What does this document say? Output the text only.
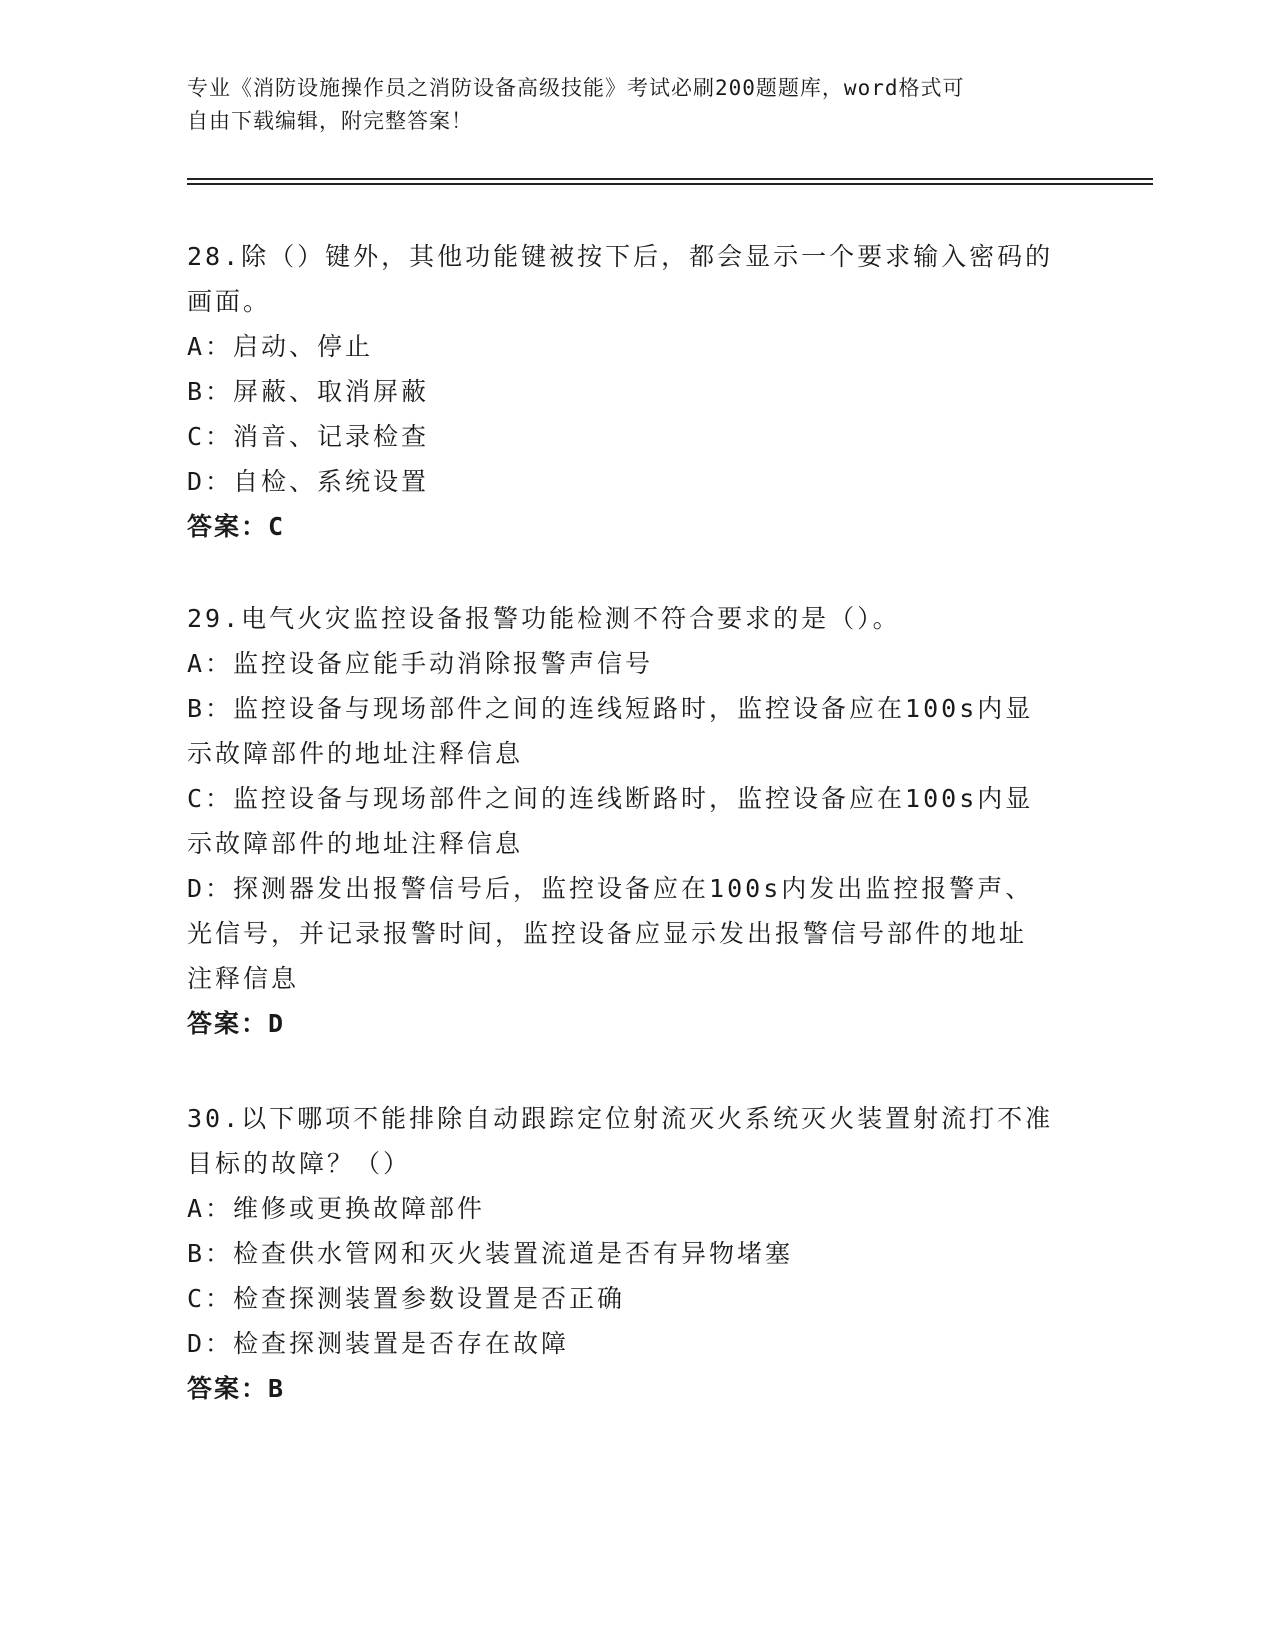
专业《消防设施操作员之消防设备高级技能》考试必刷200题题库，word格式可
自由下载编辑，附完整答案！

28.除（）键外，其他功能键被按下后，都会显示一个要求输入密码的

画面。

A：启动、停止

B：屏蔽、取消屏蔽

C：消音、记录检查

D：自检、系统设置

答案：C

29.电气火灾监控设备报警功能检测不符合要求的是（）。

A：监控设备应能手动消除报警声信号

B：监控设备与现场部件之间的连线短路时，监控设备应在100s内显

示故障部件的地址注释信息

C：监控设备与现场部件之间的连线断路时，监控设备应在100s内显

示故障部件的地址注释信息

D：探测器发出报警信号后，监控设备应在100s内发出监控报警声、

光信号，并记录报警时间，监控设备应显示发出报警信号部件的地址

注释信息

答案：D

30.以下哪项不能排除自动跟踪定位射流灭火系统灭火装置射流打不准

目标的故障？（）

A：维修或更换故障部件

B：检查供水管网和灭火装置流道是否有异物堵塞

C：检查探测装置参数设置是否正确

D：检查探测装置是否存在故障

答案：B
